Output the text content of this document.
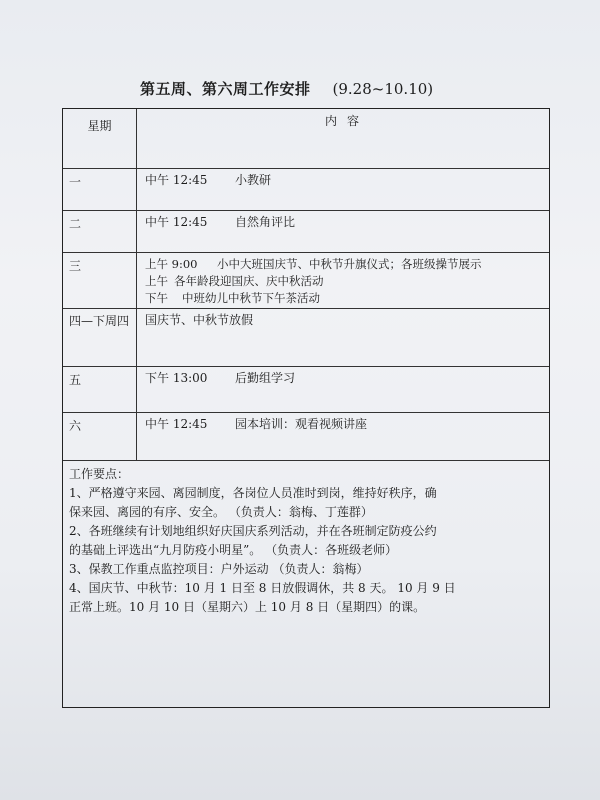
第五周、第六周工作安排 (9.28~10.10)
星期	内容
一	中午 12:45 小教研
二	中午 12:45 自然角评比
三	上午 9:00 小中大班国庆节、中秋节升旗仪式；各班级操节展示
上午 各年龄段迎国庆、庆中秋活动
下午 中班幼儿中秋节下午茶活动
四—下周四	国庆节、中秋节放假
五	下午 13:00 后勤组学习
六	中午 12:45 园本培训：观看视频讲座
工作要点：
1、严格遵守来园、离园制度，各岗位人员准时到岗，维持好秩序，确
保来园、离园的有序、安全。 （负责人：翁梅、丁莲群）
2、各班继续有计划地组织好庆国庆系列活动，并在各班制定防疫公约
的基础上评选出“九月防疫小明星”。 （负责人：各班级老师）
3、保教工作重点监控项目：户外运动 （负责人：翁梅）
4、国庆节、中秋节：10 月 1 日至 8 日放假调休，共 8 天。 10 月 9 日
正常上班。10 月 10 日（星期六）上 10 月 8 日（星期四）的课。
